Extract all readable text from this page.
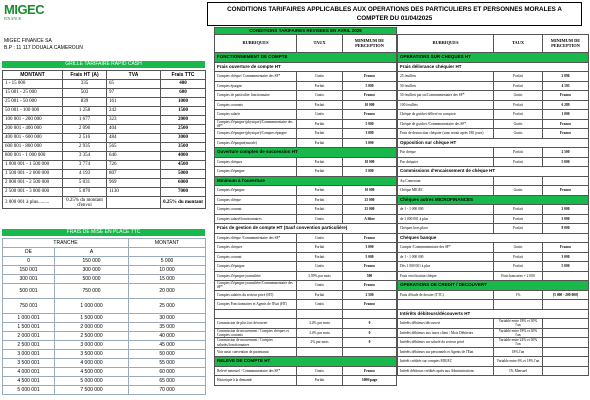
MIGEC
FINANCE
MIGEC FINANCE SA
B.P : 11 117 DOUALA CAMEROUN
CONDITIONS TARIFAIRES APPLICABLES AUX OPERATIONS DES PARTICULIERS ET PERSONNES MORALES A
COMPTER DU 01/04/2025
GRILLE TARIFAIRE RAPID CASH
MONTANT	Frais HT (A)	TVA	Frais TTC
1 - 15 000	335	65	400
15 001 - 25 000	503	97	600
25 001 - 50 000	839	161	1000
50 001 - 100 000	1 258	242	1500
100 001 - 200 000	1 677	323	2000
200 001 - 400 000	2 096	404	2500
400 001 - 600 000	2 516	484	3000
600 001 - 800 000	2 935	565	3500
800 001 - 1 000 000	3 354	646	4000
1 000 001 - 1 500 000	3 774	726	4500
1 500 001 - 2 000 000	4 193	807	5000
2 000 001 - 2 500 000	5 031	969	6000
2 500 001 - 3 000 000	5 870	1130	7000
3 000 001 à plus.........	0.25% du montant d'envoi		0.25% du montant
FRAIS DE MISE EN PLACE TTC
TRANCHE		MONTANT
DE	A	
0	150 000	5 000
150 001	300 000	10 000
300 001	500 000	15 000
500 001	750 000	20 000
750 001	1 000 000	25 000
1 000 001	1 500 000	30 000
1 500 001	2 000 000	35 000
2 000 001	2 500 000	40 000
2 500 001	3 000 000	45 000
3 000 001	3 500 000	50 000
3 500 001	4 000 000	55 000
4 000 001	4 500 000	60 000
4 500 001	5 000 000	65 000
5 000 001	7 500 000	70 000
CONDITIONS TARIFAIRES REVISEES EN AVRIL 2025		
RUBRIQUES	TAUX	MINIMUM DE PERCEPTION
FONCTIONNEMENT DE COMPTE		
Frais ouverture de compte HT		
Comptes chèque/ Commmmentaire des SF*	Gratis	Franco
Comptes épargne	Forfait	5 000
Comptes de particulier fonctionnaire	Gratis	Franco
Comptes courants	Forfait	10 000
Comptes salarie	Gratis	Franco
Comptes d'épargne (physique)/Commmmentaire des SF*	Forfait	5 000
Comptes d'épargne (physique)/Comptes épargne	Forfait	3 000
Comptes d'épargne(morale)	Forfait	3 000
Ouverture comptes de succession HT		
Comptes chèques	Forfait	10 000
Comptes d'épargne	Forfait	5 000
Minimum à l'ouverture		
Comptes d'épargne	Forfait	10 000
Comptes chèque	Forfait	25 000
Comptes courant	Forfait	25 000
Comptes salarié/fonctionnaires	Gratis	A libre
Frais de gestion de compte HT (Sauf convention particulière)		
Comptes chèque /Commmmentaire des SF*	Gratis	Franco
Comptes chèques	Forfait	3 000
Comptes courant	Forfait	5 000
Comptes d'épargne	Gratis	Franco
Comptes d'épargne journalière	3.59% par mois	500
Comptes d'épargne journalière/Commmmentaire des SF*	Gratis	Franco
Comptes salaires du secteur privé (HT)	Forfait	2 500
Comptes Fonctionnaires et Agents de l'Etat (HT)	Gratis	Franco

Commission de plus fort découvert	3.4% par mois	0
Commission de mouvement / Comptes chèques et Comptes courants	3.4% par mois	0
Commission de mouvement / Comptes salariés/fonctionnaires	2% par mois	0
Voir aussi convention de partenariat		
RELEVE DE COMPTE HT		
Relevé mensuel / Commmmentaire des SF*	Gratis	Franco
Historique à la demande	Forfait	1000/page
RUBRIQUES	TAUX	MINIMUM DE PERCEPTION
OPERATIONS SUR CHEQUES HT		
Frais délivrance chéquier HT		
25 feuillets	Forfait	2 096
50 feuillets	Forfait	4 193
50 feuillets par ou/Commmmentaire des SF*	Gratis	Franco
100 feuillets	Forfait	6 289
Chèque de guichet délivré en comptoir	Forfait	1 000
Chèque de guichet /Commmmentaire des SF*	Gratis	Franco
Frais de destruction chéquier (sans retrait après 180 jours)	Gratis	Franco
Opposition sur chèque HT		
Par chèque	Forfait	2 500
Par chéquier	Forfait	5 000
Commissions d'encaissement de chèque HT		
Au Comeroun		
Chèque MIGEC	Gratis	Franco
Chèques autres MICROFINANCES		
de 1 - 1 000 000	Forfait	2 000
de 1 000 001 à plus	Forfait	3 000
Chèques hors place	Forfait	8 000
Chèques banque		
Compte /Commmmentaire des SF*	Gratis	Franco
de 1 - 1 000 000	Forfait	3 000
Dès 1 000 001 à plus	Forfait	5 000
Frais certification chèque	Frais bancaires + 2 000	
OPERATIONS DE CREDIT / DECOUVERT		
Frais d'étude de dossier (TTC)	1%	[5 000 - 200 000]

Intérêts débiteurs/découverts HT		
Intérêts débiteurs/découvert	Variable entre 18% et 30% l'an	
Intérêts débiteurs aux taxes client / Mois Débiteurs	Variable entre 18% et 30% l'an	
Intérêts débiteurs sur salarié du secteur privé	Variable entre 24% et 30% l'an	
Intérêts débiteurs sur personnels et Agents de l'Etat	18% l'an	
Intérêt crédités sur comptes MIGEC	Variable entre 6% et 18% l'an	
Intérêt débiteurs crédités après aux Administrations	1% Mensuel	
